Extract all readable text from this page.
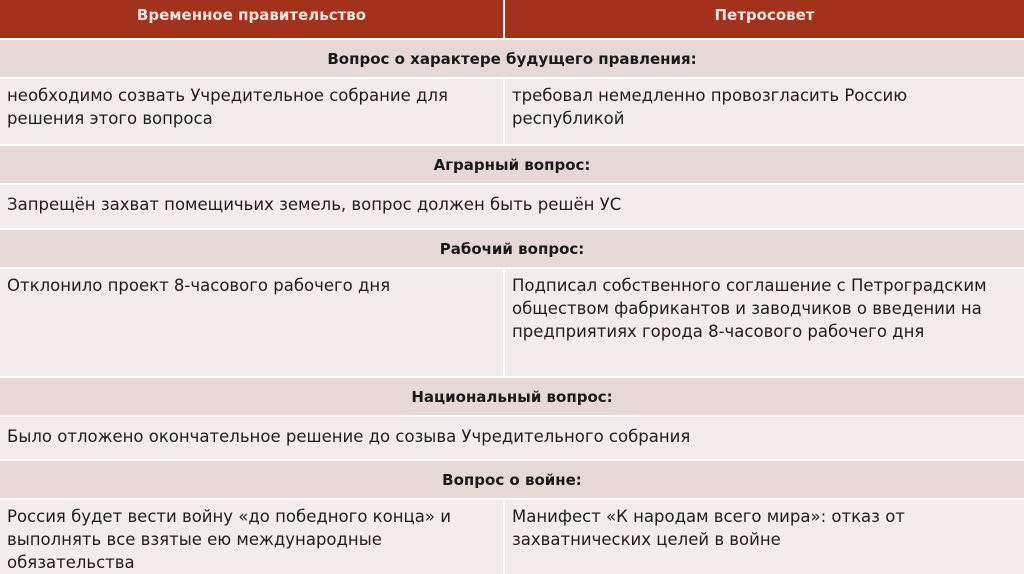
Временное правительство	Петросовет
Вопрос о характере будущего правления:
необходимо созвать Учредительное собрание для решения этого вопроса
требовал немедленно провозгласить Россию республикой
Аграрный вопрос:
Запрещён захват помещичьих земель, вопрос должен быть решён УС
Рабочий вопрос:
Отклонило проект 8-часового рабочего дня	Подписал собственного соглашение с Петроградским обществом фабрикантов и заводчиков о введении на предприятиях города 8-часового рабочего дня
Национальный вопрос:
Было отложено окончательное решение до созыва Учредительного собрания
Вопрос о войне:
Россия будет вести войну «до победного конца» и выполнять все взятые ею международные обязательства
Манифест «К народам всего мира»: отказ от захватнических целей в войне
